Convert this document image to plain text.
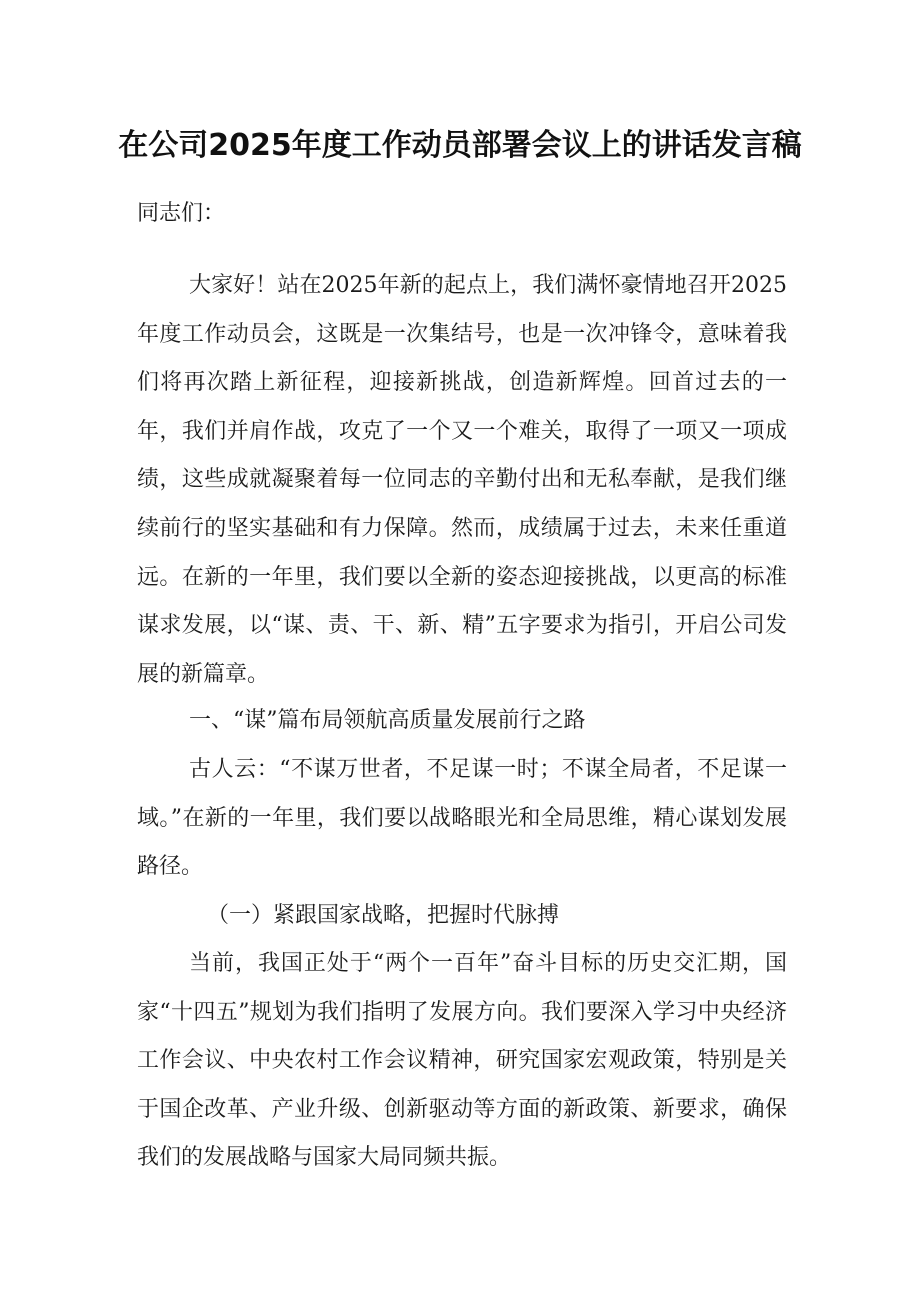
在公司2025年度工作动员部署会议上的讲话发言稿

同志们：

大家好！站在2025年新的起点上，我们满怀豪情地召开2025年度工作动员会，这既是一次集结号，也是一次冲锋令，意味着我们将再次踏上新征程，迎接新挑战，创造新辉煌。回首过去的一年，我们并肩作战，攻克了一个又一个难关，取得了一项又一项成绩，这些成就凝聚着每一位同志的辛勤付出和无私奉献，是我们继续前行的坚实基础和有力保障。然而，成绩属于过去，未来任重道远。在新的一年里，我们要以全新的姿态迎接挑战，以更高的标准谋求发展，以“谋、责、干、新、精”五字要求为指引，开启公司发展的新篇章。

一、“谋”篇布局领航高质量发展前行之路

古人云：“不谋万世者，不足谋一时；不谋全局者，不足谋一域。”在新的一年里，我们要以战略眼光和全局思维，精心谋划发展路径。

（一）紧跟国家战略，把握时代脉搏

当前，我国正处于“两个一百年”奋斗目标的历史交汇期，国家“十四五”规划为我们指明了发展方向。我们要深入学习中央经济工作会议、中央农村工作会议精神，研究国家宏观政策，特别是关于国企改革、产业升级、创新驱动等方面的新政策、新要求，确保我们的发展战略与国家大局同频共振。
